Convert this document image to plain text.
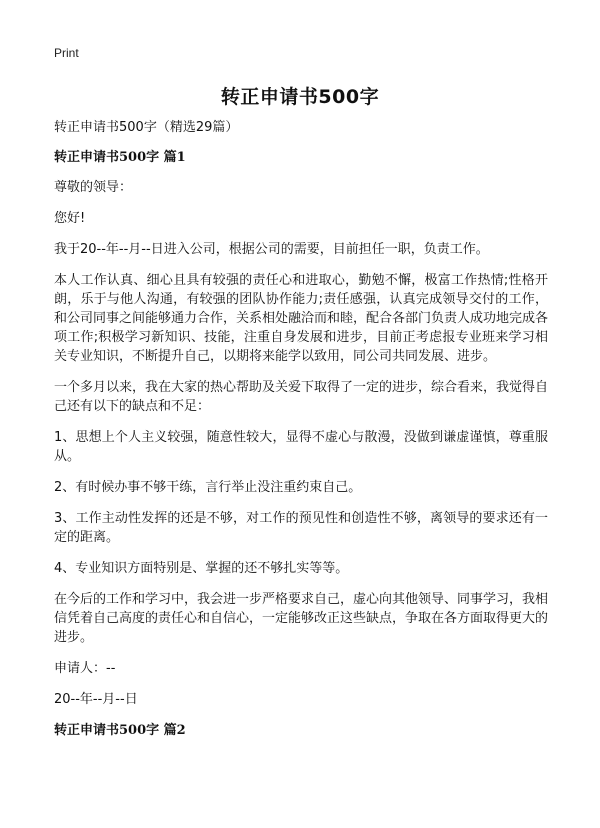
Print
转正申请书500字

转正申请书500字（精选29篇）

转正申请书500字 篇1

尊敬的领导：

您好!

我于20--年--月--日进入公司，根据公司的需要，目前担任一职，负责工作。

本人工作认真、细心且具有较强的责任心和进取心，勤勉不懈，极富工作热情;性格开朗，乐于与他人沟通，有较强的团队协作能力;责任感强，认真完成领导交付的工作，和公司同事之间能够通力合作，关系相处融洽而和睦，配合各部门负责人成功地完成各项工作;积极学习新知识、技能，注重自身发展和进步，目前正考虑报专业班来学习相关专业知识，不断提升自己，以期将来能学以致用，同公司共同发展、进步。

一个多月以来，我在大家的热心帮助及关爱下取得了一定的进步，综合看来，我觉得自己还有以下的缺点和不足：

1、思想上个人主义较强，随意性较大，显得不虚心与散漫，没做到谦虚谨慎，尊重服从。

2、有时候办事不够干练，言行举止没注重约束自己。

3、工作主动性发挥的还是不够，对工作的预见性和创造性不够，离领导的要求还有一定的距离。

4、专业知识方面特别是、掌握的还不够扎实等等。

在今后的工作和学习中，我会进一步严格要求自己，虚心向其他领导、同事学习，我相信凭着自己高度的责任心和自信心，一定能够改正这些缺点，争取在各方面取得更大的进步。

申请人：--

20--年--月--日

转正申请书500字 篇2
